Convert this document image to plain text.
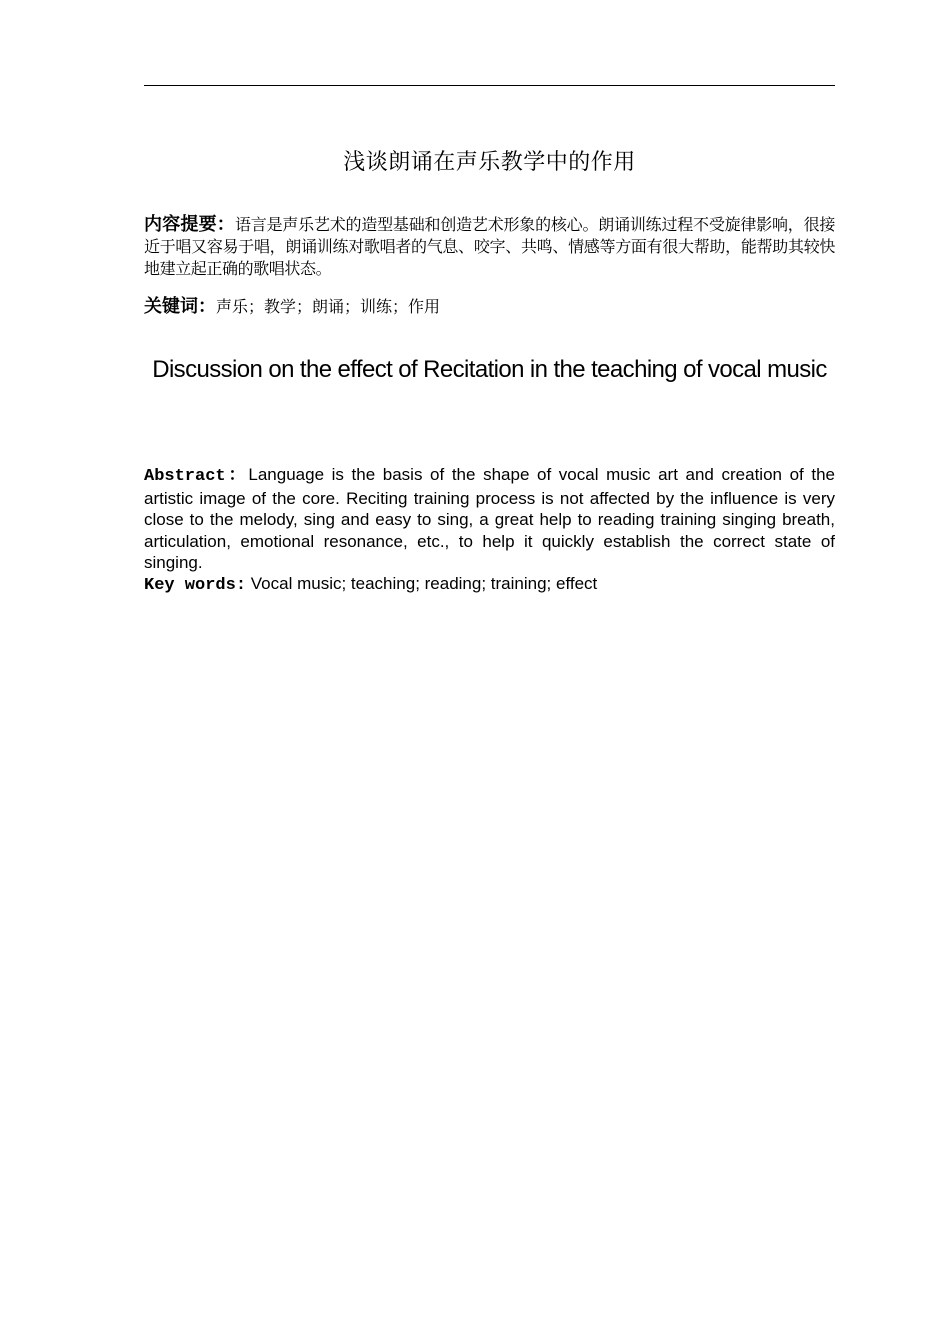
浅谈朗诵在声乐教学中的作用
内容提要：语言是声乐艺术的造型基础和创造艺术形象的核心。朗诵训练过程不受旋律影响，很接近于唱又容易于唱，朗诵训练对歌唱者的气息、咬字、共鸣、情感等方面有很大帮助，能帮助其较快地建立起正确的歌唱状态。
关键词：声乐；教学；朗诵；训练；作用
Discussion on the effect of Recitation in the teaching of vocal music
Abstract：Language is the basis of the shape of vocal music art and creation of the artistic image of the core. Reciting training process is not affected by the influence is very close to the melody, sing and easy to sing, a great help to reading training singing breath, articulation, emotional resonance, etc., to help it quickly establish the correct state of singing.
Key words: Vocal music; teaching; reading; training; effect
